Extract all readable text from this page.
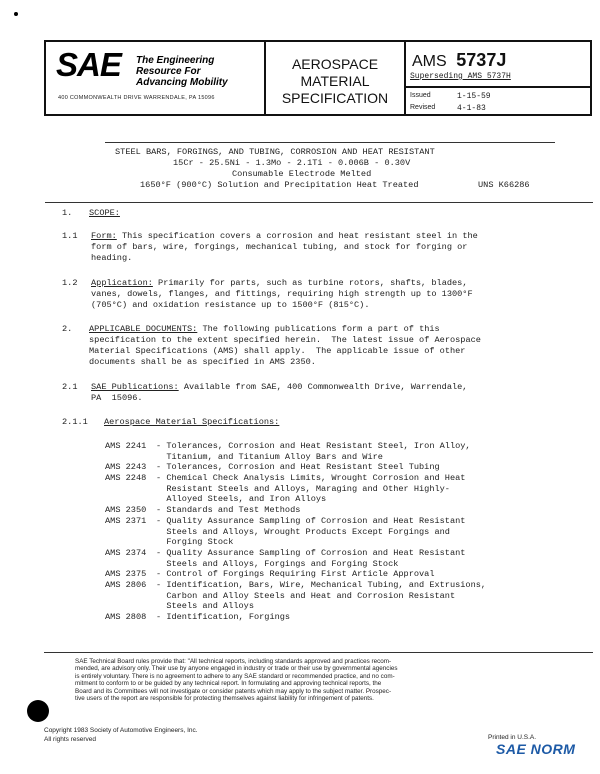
SAE The Engineering
Resource For
Advancing Mobility
400 COMMONWEALTH DRIVE WARRENDALE, PA 15096
AEROSPACE
MATERIAL
SPECIFICATION
AMS 5737J
Superseding AMS 5737H
Issued	1-15-59
Revised	4-1-83
STEEL BARS, FORGINGS, AND TUBING, CORROSION AND HEAT RESISTANT
15Cr - 25.5Ni - 1.3Mo - 2.1Ti - 0.006B - 0.30V
Consumable Electrode Melted
1650°F (900°C) Solution and Precipitation Heat Treated	UNS K66286
1. SCOPE:
1.1 Form: This specification covers a corrosion and heat resistant steel in the
form of bars, wire, forgings, mechanical tubing, and stock for forging or
heading.
1.2 Application: Primarily for parts, such as turbine rotors, shafts, blades,
vanes, dowels, flanges, and fittings, requiring high strength up to 1300°F
(705°C) and oxidation resistance up to 1500°F (815°C).
2. APPLICABLE DOCUMENTS: The following publications form a part of this
specification to the extent specified herein.  The latest issue of Aerospace
Material Specifications (AMS) shall apply.  The applicable issue of other
documents shall be as specified in AMS 2350.
2.1 SAE Publications: Available from SAE, 400 Commonwealth Drive, Warrendale,
PA  15096.
2.1.1 Aerospace Material Specifications:
AMS 2241 - Tolerances, Corrosion and Heat Resistant Steel, Iron Alloy,
Titanium, and Titanium Alloy Bars and Wire
AMS 2243 - Tolerances, Corrosion and Heat Resistant Steel Tubing
AMS 2248 - Chemical Check Analysis Limits, Wrought Corrosion and Heat
Resistant Steels and Alloys, Maraging and Other Highly-
Alloyed Steels, and Iron Alloys
AMS 2350 - Standards and Test Methods
AMS 2371 - Quality Assurance Sampling of Corrosion and Heat Resistant
Steels and Alloys, Wrought Products Except Forgings and
Forging Stock
AMS 2374 - Quality Assurance Sampling of Corrosion and Heat Resistant
Steels and Alloys, Forgings and Forging Stock
AMS 2375 - Control of Forgings Requiring First Article Approval
AMS 2806 - Identification, Bars, Wire, Mechanical Tubing, and Extrusions,
Carbon and Alloy Steels and Heat and Corrosion Resistant
Steels and Alloys
AMS 2808 - Identification, Forgings
SAE Technical Board rules provide that: "All technical reports, including standards approved and practices recom-
mended, are advisory only. Their use by anyone engaged in industry or trade or their use by governmental agencies
is entirely voluntary. There is no agreement to adhere to any SAE standard or recommended practice, and no com-
mitment to conform to or be guided by any technical report. In formulating and approving technical reports, the
Board and its Committees will not investigate or consider patents which may apply to the subject matter. Prospec-
tive users of the report are responsible for protecting themselves against liability for infringement of patents.
Copyright 1983 Society of Automotive Engineers, Inc.
All rights reserved	Printed in U.S.A.
SAE NORM
